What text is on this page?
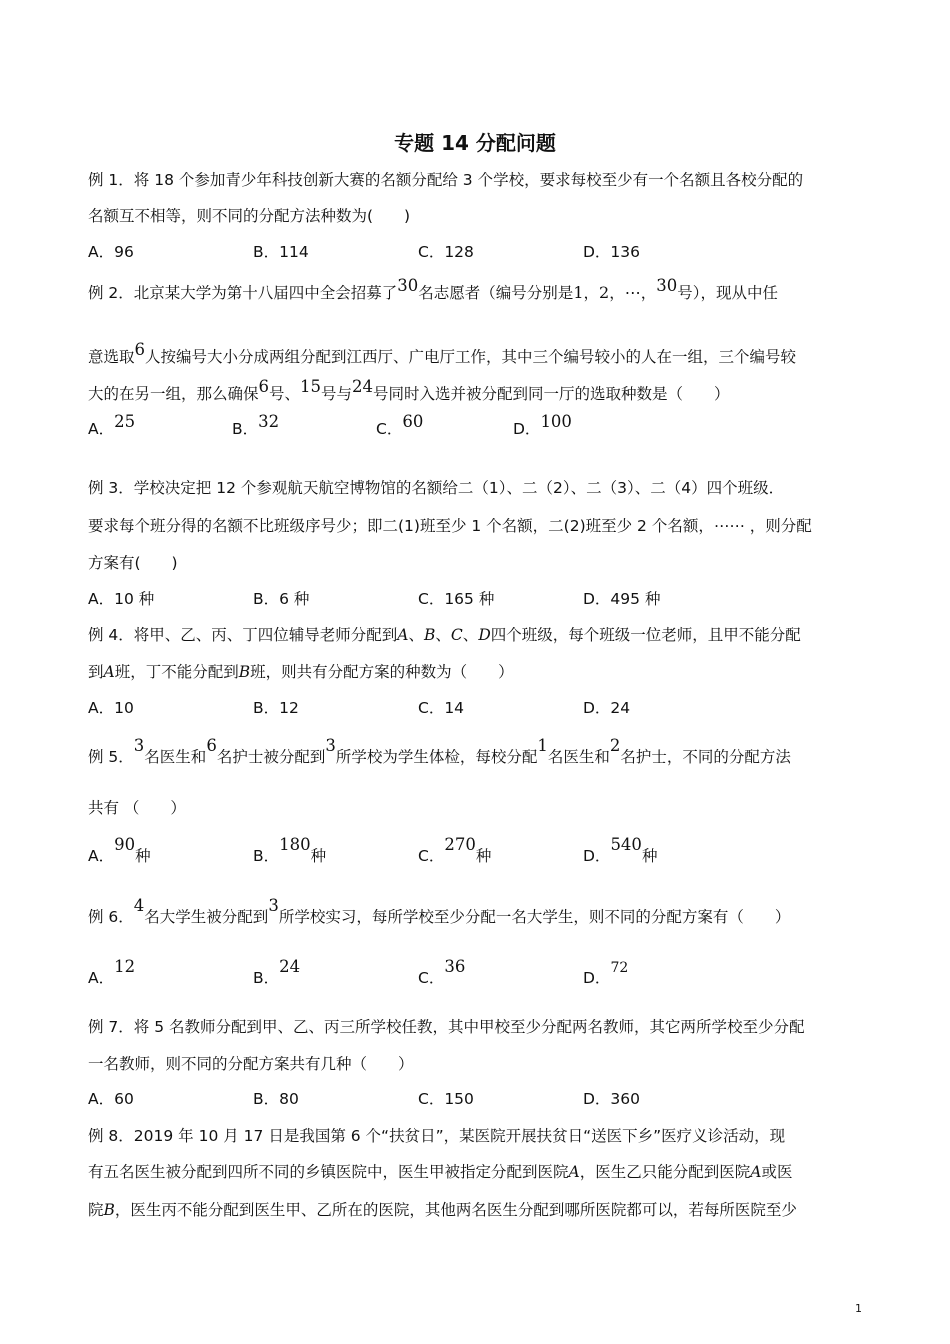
专题 14 分配问题
例 1．将 18 个参加青少年科技创新大赛的名额分配给 3 个学校，要求每校至少有一个名额且各校分配的
名额互不相等，则不同的分配方法种数为(　　)
A．96	B．114	C．128	D．136
例 2．北京某大学为第十八届四中全会招募了30名志愿者（编号分别是1，2，⋯，30号），现从中任
意选取6人按编号大小分成两组分配到江西厅、广电厅工作，其中三个编号较小的人在一组，三个编号较
大的在另一组，那么确保6号、15号与24号同时入选并被分配到同一厅的选取种数是（　　）
A．25	B．32	C．60	D．100
例 3．学校决定把 12 个参观航天航空博物馆的名额给二（1）、二（2）、二（3）、二（4）四个班级．
要求每个班分得的名额不比班级序号少；即二(1)班至少 1 个名额，二(2)班至少 2 个名额，⋯⋯ ，则分配
方案有(　　)
A．10 种	B．6 种	C．165 种	D．495 种
例 4．将甲、乙、丙、丁四位辅导老师分配到A、B、C、D四个班级，每个班级一位老师，且甲不能分配
到A班，丁不能分配到B班，则共有分配方案的种数为（　　）
A．10	B．12	C．14	D．24
例 5．3名医生和6名护士被分配到3所学校为学生体检，每校分配1名医生和2名护士，不同的分配方法
共有 （　　）
A．90种	B．180种	C．270种	D．540种
例 6．4名大学生被分配到3所学校实习，每所学校至少分配一名大学生，则不同的分配方案有（　　）
A．12
B．24
C．36
D．72
例 7．将 5 名教师分配到甲、乙、丙三所学校任教，其中甲校至少分配两名教师，其它两所学校至少分配
一名教师，则不同的分配方案共有几种（　　）
A．60	B．80	C．150	D．360
例 8．2019 年 10 月 17 日是我国第 6 个“扶贫日”，某医院开展扶贫日“送医下乡”医疗义诊活动，现
有五名医生被分配到四所不同的乡镇医院中，医生甲被指定分配到医院A，医生乙只能分配到医院A或医
院B，医生丙不能分配到医生甲、乙所在的医院，其他两名医生分配到哪所医院都可以，若每所医院至少
1
